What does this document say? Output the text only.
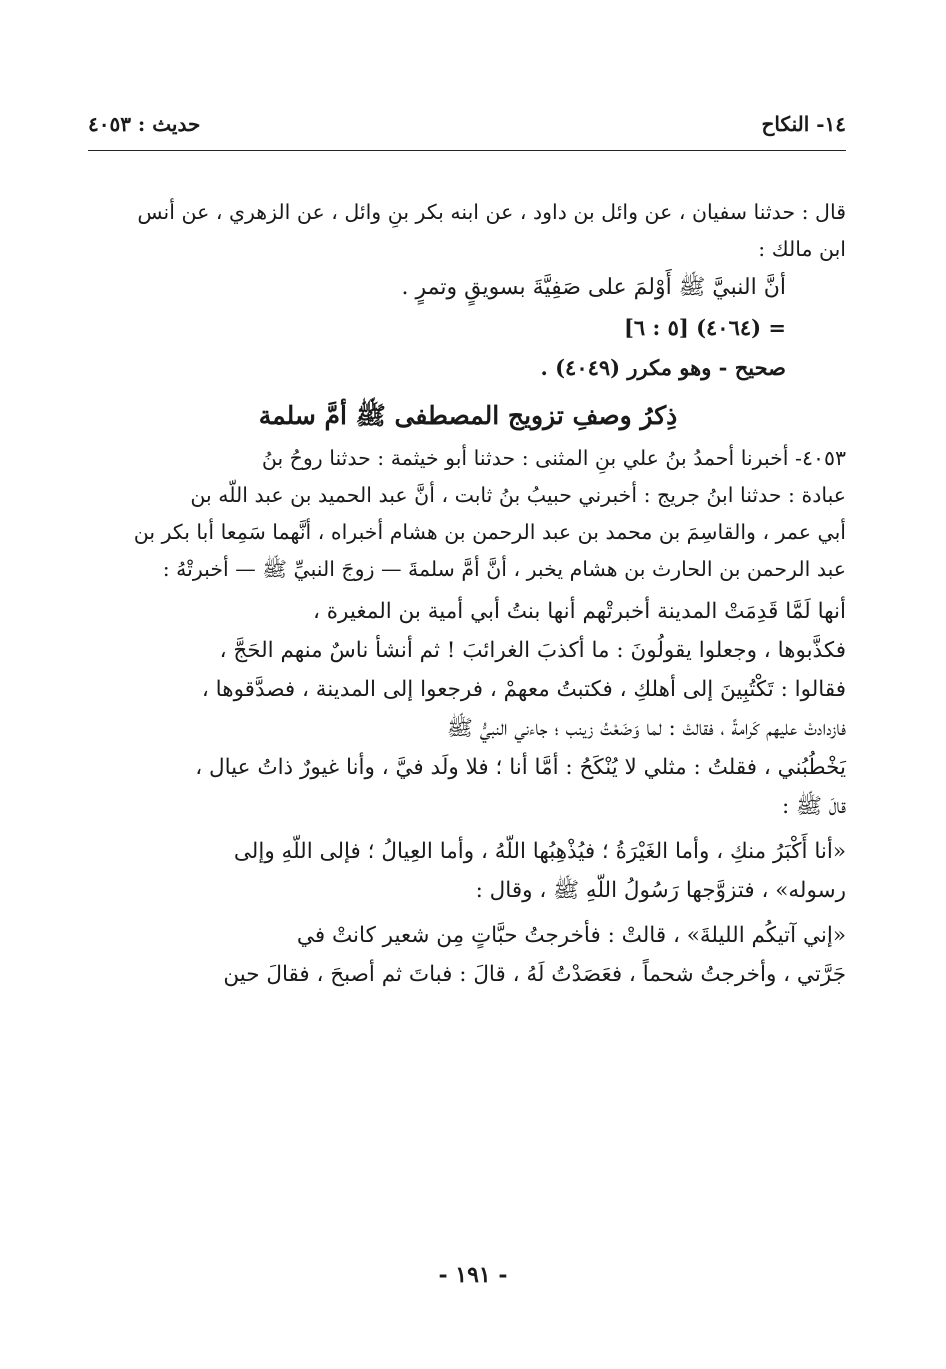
١٤- النكاح
حديث : ٤٠٥٣

قال : حدثنا سفيان ، عن وائل بن داود ، عن ابنه بكر بنِ وائل ، عن الزهري ، عن أنس

ابن مالك :

أنَّ النبيَّ ﷺ أَوْلمَ على صَفِيَّةَ بسويقٍ وتمرٍ .

= (٤٠٦٤) [٥ : ٦]

صحيح - وهو مكرر (٤٠٤٩) .

ذِكرُ وصفِ تزويج المصطفى ﷺ أمَّ سلمة

٤٠٥٣- أخبرنا أحمدُ بنُ علي بنِ المثنى : حدثنا أبو خيثمة : حدثنا روحُ بنُ

عبادة : حدثنا ابنُ جريج : أخبرني حبيبُ بنُ ثابت ، أنَّ عبد الحميد بن عبد اللّه بن

أبي عمر ، والقاسِمَ بن محمد بن عبد الرحمن بن هشام أخبراه ، أنَّهما سَمِعا أبا بكر بن

عبد الرحمن بن الحارث بن هشام يخبر ، أنَّ أمَّ سلمةَ — زوجَ النبيِّ ﷺ — أخبرتْهُ :

أنها لَمَّا قَدِمَتْ المدينة أخبرتْهم أنها بنتُ أبي أمية بن المغيرة ،

فكذَّبوها ، وجعلوا يقولُونَ : ما أكذبَ الغرائبَ ! ثم أنشأ ناسٌ منهم الحَجَّ ،

فقالوا : تَكْتُبِينَ إلى أهلكِ ، فكتبتُ معهمْ ، فرجعوا إلى المدينة ، فصدَّقوها ،

فازدادتْ عليهم كَرامةً ، فقالتْ : لما وَضَعْتُ زينب ؛ جاءني النبيُّ ﷺ

يَخْطُبُني ، فقلتُ : مثلي لا يُنْكَحُ : أمَّا أنا ؛ فلا ولَد فيَّ ، وأنا غيورٌ ذاتُ عيال ،

قالَ ﷺ :

«أنا أَكْبَرُ منكِ ، وأما الغَيْرَةُ ؛ فيُذْهِبُها اللّهُ ، وأما العِيالُ ؛ فإلى اللّهِ وإلى

رسوله» ، فتزوَّجها رَسُولُ اللّهِ ﷺ ، وقال :

«إني آتيكُم الليلةَ» ، قالتْ : فأخرجتُ حبَّاتٍ مِن شعير كانتْ في

جَرَّتي ، وأخرجتُ شحماً ، فعَصَدْتُ لَهُ ، قالَ : فباتَ ثم أصبحَ ، فقالَ حين

- ١٩١ -
